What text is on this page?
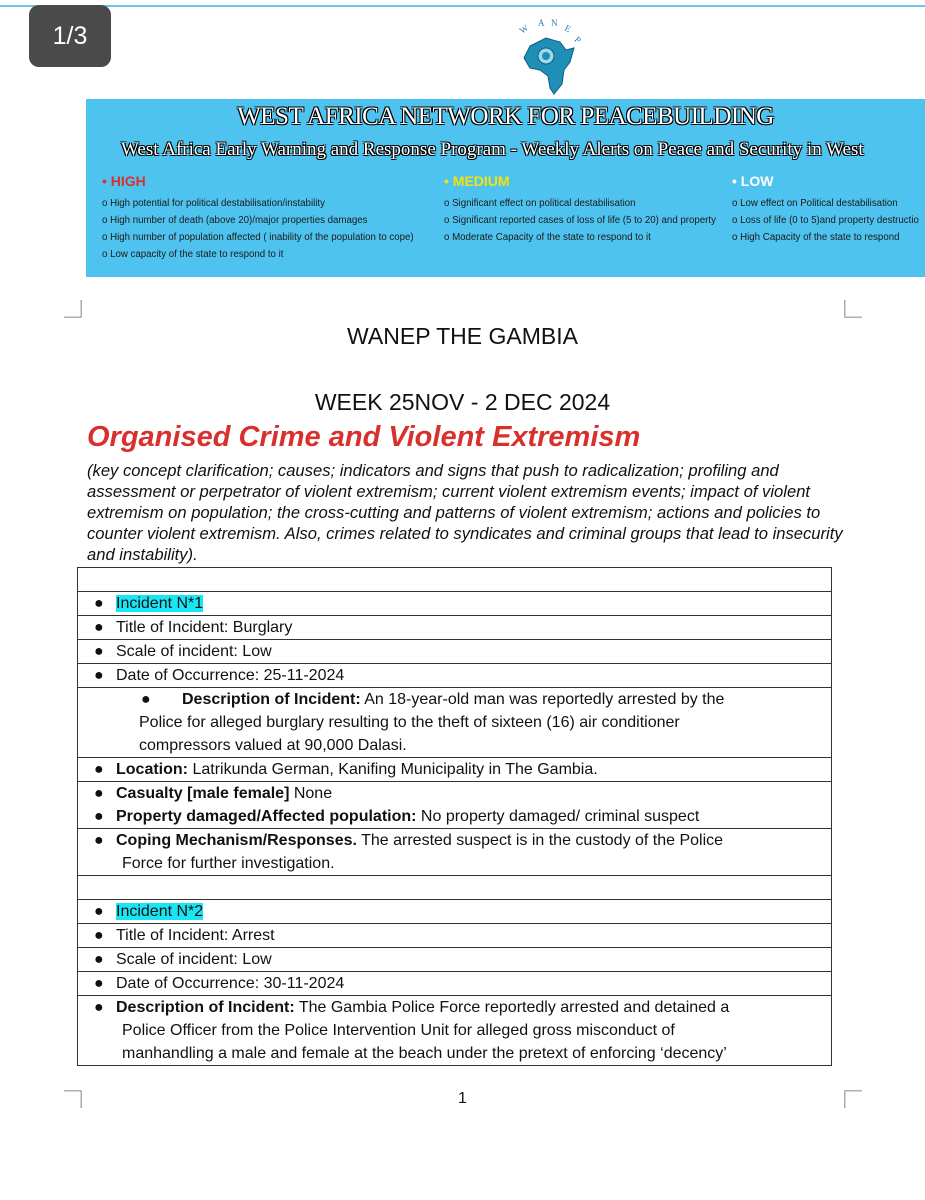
1/3	W A N E
P
WEST AFRICA NETWORK FOR PEACEBUILDING
West Africa Early Warning and Response Program - Weekly Alerts on Peace and Security in West
• HIGH
o High potential for political destabilisation/instability
o High number of death (above 20)/major properties damages
o High number of population affected ( inability of the population to cope)
o Low capacity of the state to respond to it
• MEDIUM
o Significant effect on political destabilisation
o Significant reported cases of loss of life (5 to 20) and property
o Moderate Capacity of the state to respond to it
• LOW
o Low effect on Political destabilisation
o Loss of life (0 to 5)and property destructio
o High Capacity of the state to respond
WANEP THE GAMBIA
WEEK 25NOV - 2 DEC 2024
Organised Crime and Violent Extremism
(key concept clarification; causes; indicators and signs that push to radicalization; profiling and assessment or perpetrator of violent extremism; current violent extremism events; impact of violent extremism on population; the cross-cutting and patterns of violent extremism; actions and policies to counter violent extremism. Also, crimes related to syndicates and criminal groups that lead to insecurity and instability).
● Incident N*1
● Title of Incident: Burglary
● Scale of incident: Low
● Date of Occurrence: 25-11-2024
●	Description of Incident: An 18-year-old man was reportedly arrested by the
Police for alleged burglary resulting to the theft of sixteen (16) air conditioner
compressors valued at 90,000 Dalasi.
● Location: Latrikunda German, Kanifing Municipality in The Gambia.
● Casualty [male female] None
● Property damaged/Affected population: No property damaged/ criminal suspect
● Coping Mechanism/Responses. The arrested suspect is in the custody of the Police
Force for further investigation.
● Incident N*2
● Title of Incident: Arrest
● Scale of incident: Low
● Date of Occurrence: 30-11-2024
● Description of Incident: The Gambia Police Force reportedly arrested and detained a
Police Officer from the Police Intervention Unit for alleged gross misconduct of
manhandling a male and female at the beach under the pretext of enforcing ‘decency’
1
